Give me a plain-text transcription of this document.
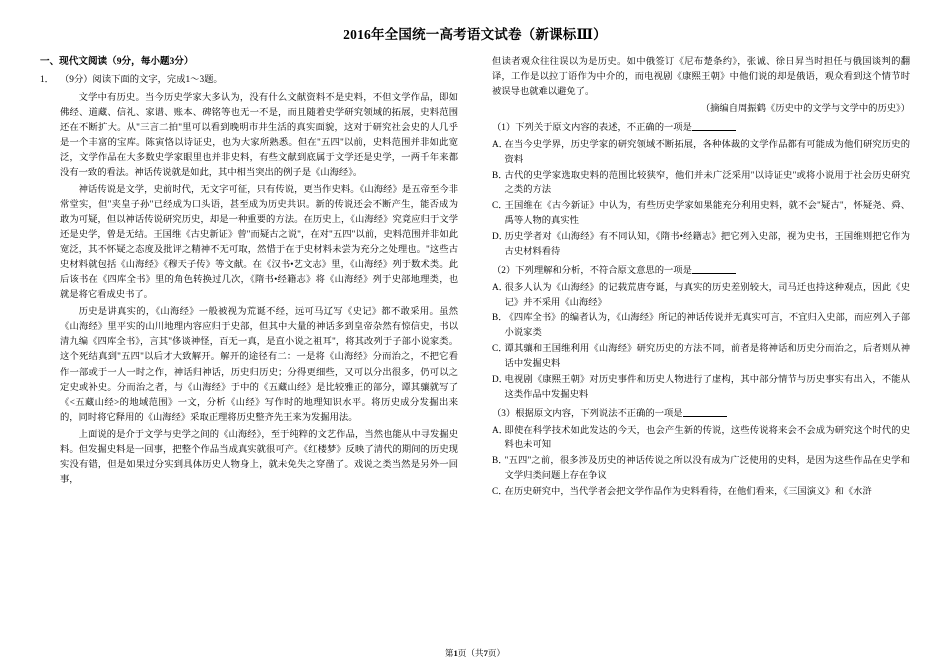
2016年全国统一高考语文试卷（新课标Ⅲ）
一、现代文阅读（9分，每小题3分）
1． （9分）阅读下面的文字，完成1～3题。
文学中有历史。当今历史学家大多认为，没有什么文献资料不是史料，不但文学作品，即如佛经、道藏、信礼、家谱、账本、碑铭等也无一不是，而且随着史学研究领域的拓展，史料范围还在不断扩大。从"三言二拍"里可以看到晚明市井生活的真实面貌，这对于研究社会史的人几乎是一个丰富的宝库。陈寅恪以诗证史，也为大家所熟悉。但在"五四"以前，史料范围并非如此宽泛，文学作品在大多数史学家眼里也并非史料，有些文献到底属于文学还是史学，一两千年来都没有一致的看法。神话传说就是如此，其中相当突出的例子是《山海经》。
神话传说是文学，史前时代，无文字可征，只有传说，更当作史料。《山海经》是五帝至今非常堂实，但"夹皇子孙"已经成为口头语，甚至成为历史共识。新的传说还会不断产生，能否成为敢为可疑，但以神话传说研究历史，却是一种重要的方法。在历史上，《山海经》究竟应归于文学还是史学，曾是无结。王国维《古史新证》曾"而疑古之说"，在对"五四"以前，史料范围并非如此宽泛，其不怀疑之态度及批评之精神不无可取，然惜于在于史材料未尝为充分之处理也。"这些古史材料就包括《山海经》《穆天子传》等文献。在《汉书•艺文志》里，《山海经》列于数术类。此后该书在《四库全书》里的角色转换过几次，《隋书•经籍志》将《山海经》列于史部地理类，也就是将它看成史书了。
历史是讲真实的，《山海经》一般被视为荒诞不经，远可马辽写《史记》都不敢采用。虽然《山海经》里平实的山川地理内容应归于史部，但其中大量的神话多到皇帝杂然有惊信史，书以清九编《四库全书》，言其"侈谈神怪，百无一真，是直小说之祖耳"，将其改列于子部小说家类。这个死结真到"五四"以后才大致解开。解开的途径有二：一是将《山海经》分而治之，不把它看作一部或于一人一时之作，神话归神话，历史归历史；分得更细些，又可以分出很多，仍可以之定史或补史。分而治之者，与《山海经》于中的《五藏山经》是比较雅正的部分，谭其骧就写了《<五藏山经>的地域范围》一文，分析《山经》写作时的地理知识水平。将历史成分发掘出来的，同时将它释用的《山海经》采取正理将历史整齐先王来为发掘用法。
上面说的是介于文学与史学之间的《山海经》，至于纯粹的文艺作品，当然也能从中寻发掘史料。但发掘史料是一回事，把整个作品当成真实就很可产。《红楼梦》反映了清代的期间的历史现实没有错，但是如果过分实到具体历史人物身上，就未免失之穿凿了。戏说之类当然是另外一回事，
但读者观众往往误以为是历史。如中俄签订《尼布楚条约》，张诚、徐日昇当时担任与俄国谈判的翻译，工作是以拉丁语作为中介的，而电视剧《康熙王朝》中他们说的却是俄语，观众看到这个情节时被误导也就难以避免了。
（摘编自周振鹤《历史中的文学与文学中的历史》）
（1）下列关于原文内容的表述，不正确的一项是
A．
在当今史学界，历史学家的研究领域不断拓展，各种体裁的文学作品都有可能成为他们研究历史的资料
B．
古代的史学家选取史料的范围比较狭窄，他们并未广泛采用"以诗证史"或将小说用于社会历史研究之类的方法
C．
王国维在《古今新证》中认为，有些历史学家如果能充分利用史料，就不会"疑古"，怀疑尧、舜、禹等人物的真实性
D．
历史学者对《山海经》有不同认知，《隋书•经籍志》把它列入史部，视为史书，王国维则把它作为古史材料看待
（2）下列理解和分析，不符合原文意思的一项是
A．
很多人认为《山海经》的记载荒唐夸诞，与真实的历史差别较大，司马迁也持这种观点，因此《史记》并不采用《山海经》
B．
《四库全书》的编者认为，《山海经》所记的神话传说并无真实可言，不宜归入史部，而应列入子部小说家类
C．
谭其骧和王国维利用《山海经》研究历史的方法不同，前者是将神话和历史分而治之，后者则从神话中发掘史料
D．
电视剧《康熙王朝》对历史事件和历史人物进行了虚构，其中部分情节与历史事实有出入，不能从这类作品中发掘史料
（3）根据原文内容，下列说法不正确的一项是
A．
即使在科学技术如此发达的今天，也会产生新的传说，这些传说将来会不会成为研究这个时代的史料也未可知
B．
"五四"之前，很多涉及历史的神话传说之所以没有成为广泛使用的史料，是因为这些作品在史学和文学归类问题上存在争议
C．
在历史研究中，当代学者会把文学作品作为史料看待，在他们看来，《三国演义》和《水浒
第1页（共7页）
